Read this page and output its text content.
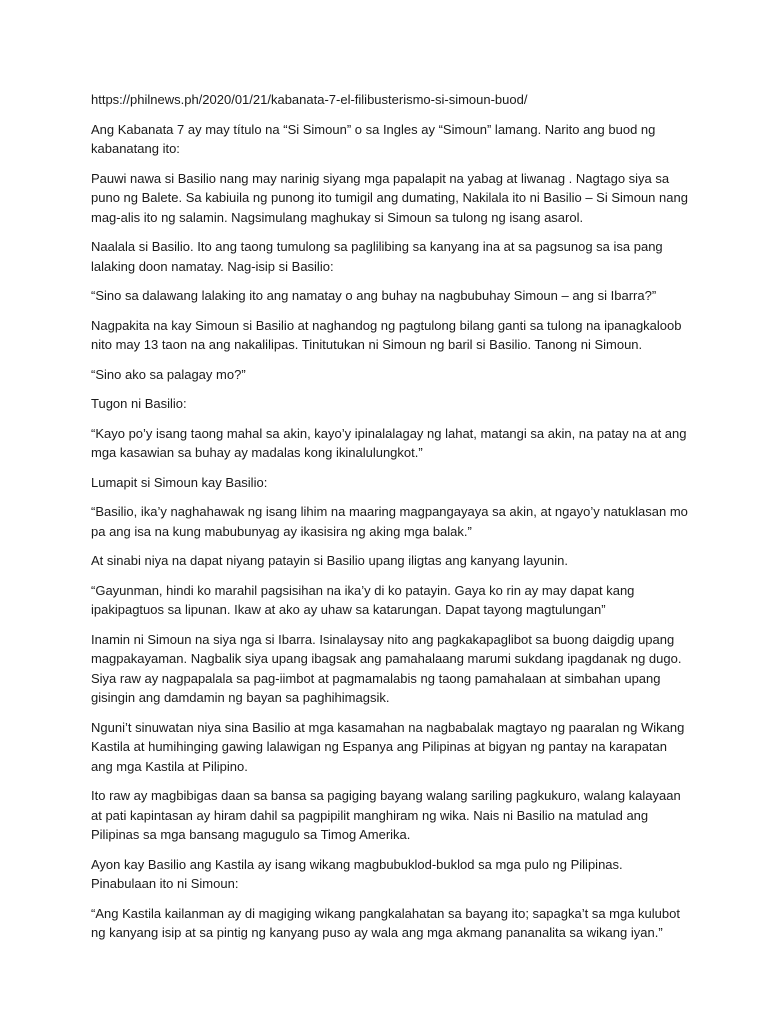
https://philnews.ph/2020/01/21/kabanata-7-el-filibusterismo-si-simoun-buod/

Ang Kabanata 7 ay may título na “Si Simoun” o sa Ingles ay “Simoun” lamang. Narito ang buod ng kabanatang ito:

Pauwi nawa si Basilio nang may narinig siyang mga papalapit na yabag at liwanag . Nagtago siya sa puno ng Balete. Sa kabiuila ng punong ito tumigil ang dumating, Nakilala ito ni Basilio – Si Simoun nang mag-alis ito ng salamin. Nagsimulang maghukay si Simoun sa tulong ng isang asarol.

Naalala si Basilio. Ito ang taong tumulong sa paglilibing sa kanyang ina at sa pagsunog sa isa pang lalaking doon namatay. Nag-isip si Basilio:

“Sino sa dalawang lalaking ito ang namatay o ang buhay na nagbubuhay Simoun – ang si Ibarra?”

Nagpakita na kay Simoun si Basilio at naghandog ng pagtulong bilang ganti sa tulong na ipanagkaloob nito may 13 taon na ang nakalilipas. Tinitutukan ni Simoun ng baril si Basilio. Tanong ni Simoun.

“Sino ako sa palagay mo?”

Tugon ni Basilio:

“Kayo po’y isang taong mahal sa akin, kayo’y ipinalalagay ng lahat, matangi sa akin, na patay na at ang mga kasawian sa buhay ay madalas kong ikinalulungkot.”

Lumapit si Simoun kay Basilio:

“Basilio, ika’y naghahawak ng isang lihim na maaring magpangayaya sa akin, at ngayo’y natuklasan mo pa ang isa na kung mabubunyag ay ikasisira ng aking mga balak.”

At sinabi niya na dapat niyang patayin si Basilio upang iligtas ang kanyang layunin.

“Gayunman, hindi ko marahil pagsisihan na ika’y di ko patayin. Gaya ko rin ay may dapat kang ipakipagtuos sa lipunan. Ikaw at ako ay uhaw sa katarungan. Dapat tayong magtulungan”

Inamin ni Simoun na siya nga si Ibarra. Isinalaysay nito ang pagkakapaglibot sa buong daigdig upang magpakayaman. Nagbalik siya upang ibagsak ang pamahalaang marumi sukdang ipagdanak ng dugo. Siya raw ay nagpapalala sa pag-iimbot at pagmamalabis ng taong pamahalaan at simbahan upang gisingin ang damdamin ng bayan sa paghihimagsik.

Nguni’t sinuwatan niya sina Basilio at mga kasamahan na nagbabalak magtayo ng paaralan ng Wikang Kastila at humihinging gawing lalawigan ng Espanya ang Pilipinas at bigyan ng pantay na karapatan ang mga Kastila at Pilipino.

Ito raw ay magbibigas daan sa bansa sa pagiging bayang walang sariling pagkukuro, walang kalayaan at pati kapintasan ay hiram dahil sa pagpipilit manghiram ng wika. Nais ni Basilio na matulad ang Pilipinas sa mga bansang magugulo sa Timog Amerika.

Ayon kay Basilio ang Kastila ay isang wikang magbubuklod-buklod sa mga pulo ng Pilipinas. Pinabulaan ito ni Simoun:

“Ang Kastila kailanman ay di magiging wikang pangkalahatan sa bayang ito; sapagka’t sa mga kulubot ng kanyang isip at sa pintig ng kanyang puso ay wala ang mga akmang pananalita sa wikang iyan.”
